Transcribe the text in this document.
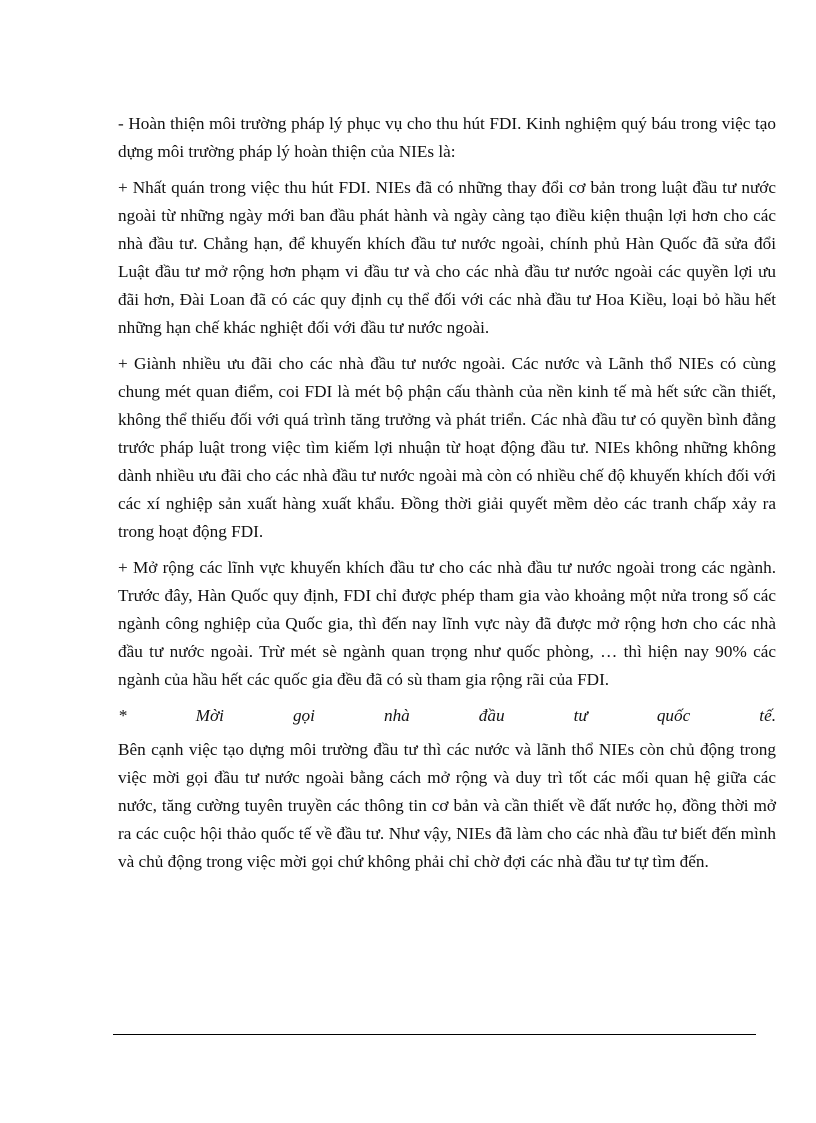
- Hoàn thiện môi trường pháp lý phục vụ cho thu hút FDI. Kinh nghiệm quý báu trong việc tạo dựng môi trường pháp lý hoàn thiện của NIEs là:

+ Nhất quán trong việc thu hút FDI. NIEs đã có những thay đổi cơ bản trong luật đầu tư nước ngoài từ những ngày mới ban đầu phát hành và ngày càng tạo điều kiện thuận lợi hơn cho các nhà đầu tư. Chẳng hạn, để khuyến khích đầu tư nước ngoài, chính phủ Hàn Quốc đã sửa đổi Luật đầu tư mở rộng hơn phạm vi đầu tư và cho các nhà đầu tư nước ngoài các quyền lợi ưu đãi hơn, Đài Loan đã có các quy định cụ thể đối với các nhà đầu tư Hoa Kiều, loại bỏ hầu hết những hạn chế khác nghiệt đối với đầu tư nước ngoài.

+ Giành nhiều ưu đãi cho các nhà đầu tư nước ngoài. Các nước và Lãnh thổ NIEs có cùng chung mét quan điểm, coi FDI là mét bộ phận cấu thành của nền kinh tế mà hết sức cần thiết, không thể thiếu đối với quá trình tăng trưởng và phát triển. Các nhà đầu tư có quyền bình đẳng trước pháp luật trong việc tìm kiếm lợi nhuận từ hoạt động đầu tư. NIEs không những không dành nhiều ưu đãi cho các nhà đầu tư nước ngoài mà còn có nhiều chế độ khuyến khích đối với các xí nghiệp sản xuất hàng xuất khẩu. Đồng thời giải quyết mềm dẻo các tranh chấp xảy ra trong hoạt động FDI.

+ Mở rộng các lĩnh vực khuyến khích đầu tư cho các nhà đầu tư nước ngoài trong các ngành. Trước đây, Hàn Quốc quy định, FDI chỉ được phép tham gia vào khoảng một nửa trong số các ngành công nghiệp của Quốc gia, thì đến nay lĩnh vực này đã được mở rộng hơn cho các nhà đầu tư nước ngoài. Trừ mét sè ngành quan trọng như quốc phòng, … thì hiện nay 90% các ngành của hầu hết các quốc gia đều đã có sù tham gia rộng rãi của FDI.

* Mời gọi nhà đầu tư quốc tế.

Bên cạnh việc tạo dựng môi trường đầu tư thì các nước và lãnh thổ NIEs còn chủ động trong việc mời gọi đầu tư nước ngoài bằng cách mở rộng và duy trì tốt các mối quan hệ giữa các nước, tăng cường tuyên truyền các thông tin cơ bản và cần thiết về đất nước họ, đồng thời mở ra các cuộc hội thảo quốc tế về đầu tư. Như vậy, NIEs đã làm cho các nhà đầu tư biết đến mình và chủ động trong việc mời gọi chứ không phải chỉ chờ đợi các nhà đầu tư tự tìm đến.
